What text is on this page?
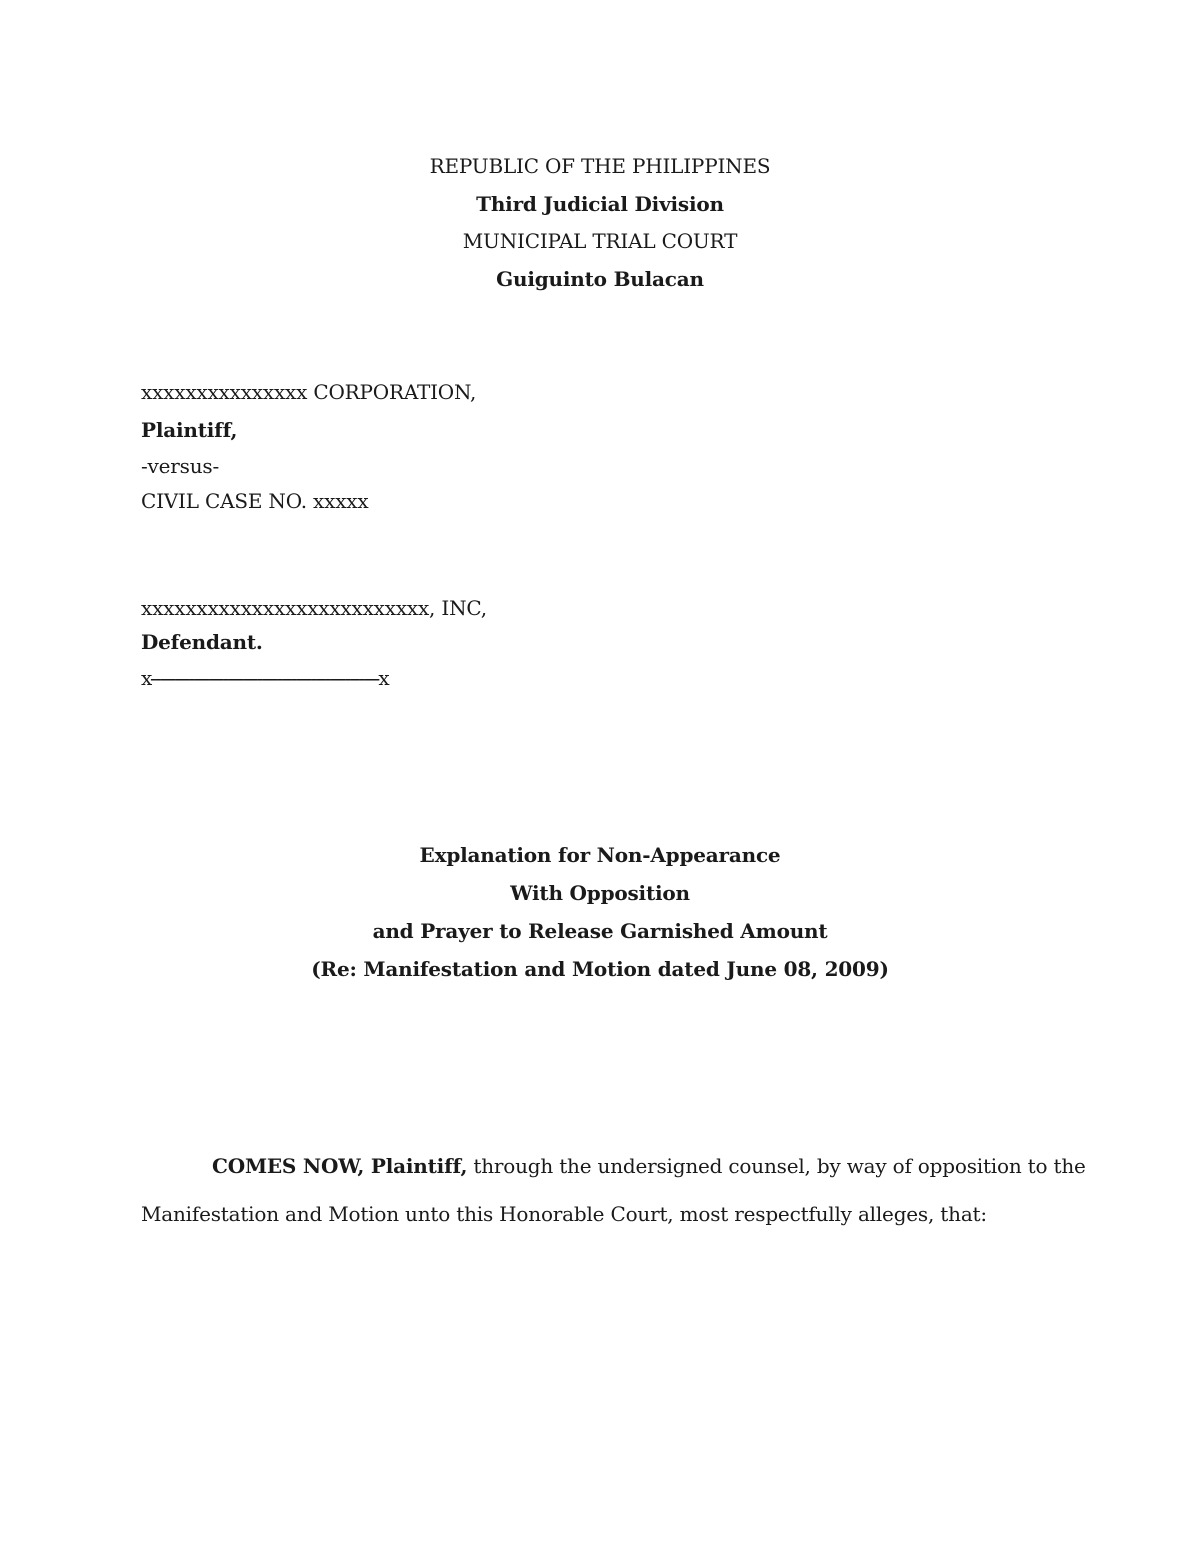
REPUBLIC OF THE PHILIPPINES
Third Judicial Division
MUNICIPAL TRIAL COURT
Guiguinto Bulacan
xxxxxxxxxxxxxxx CORPORATION,
Plaintiff,
-versus-
CIVIL CASE NO. xxxxx
xxxxxxxxxxxxxxxxxxxxxxxxxx, INC,
Defendant.
x-----------------------------------------------x
Explanation for Non-Appearance
With Opposition
and Prayer to Release Garnished Amount
(Re: Manifestation and Motion dated June 08, 2009)
COMES NOW, Plaintiff, through the undersigned counsel, by way of opposition to the
Manifestation and Motion unto this Honorable Court, most respectfully alleges, that:
